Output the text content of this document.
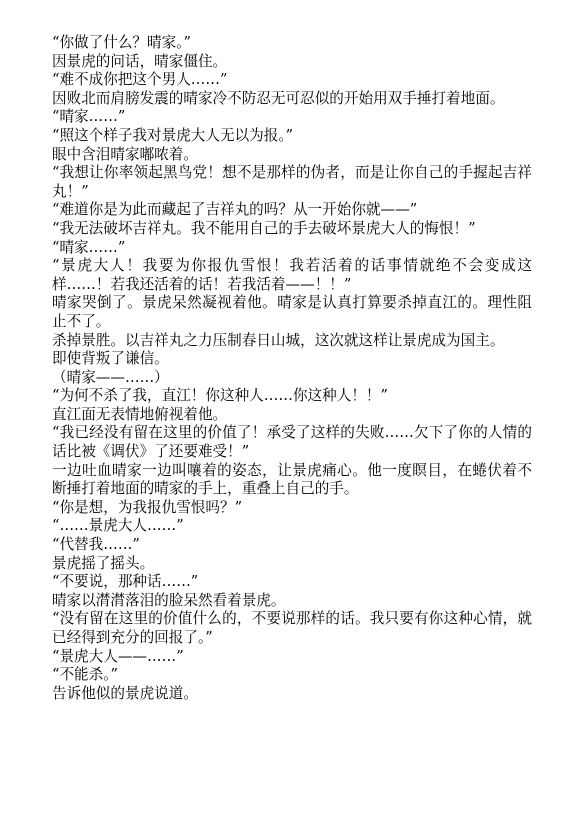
“你做了什么？晴家。”

因景虎的问话，晴家僵住。

“难不成你把这个男人……”

因败北而肩膀发震的晴家冷不防忍无可忍似的开始用双手捶打着地面。

“晴家……”

“照这个样子我对景虎大人无以为报。”

眼中含泪晴家嘟哝着。

“我想让你率领起黑鸟党！想不是那样的伪者，而是让你自己的手握起吉祥丸！”

“难道你是为此而藏起了吉祥丸的吗？从一开始你就——”

“我无法破坏吉祥丸。我不能用自己的手去破坏景虎大人的悔恨！”

“晴家……”

“景虎大人！我要为你报仇雪恨！我若活着的话事情就绝不会变成这样……！若我还活着的话！若我活着——！！”

晴家哭倒了。景虎呆然凝视着他。晴家是认真打算要杀掉直江的。理性阻止不了。

杀掉景胜。以吉祥丸之力压制春日山城，这次就这样让景虎成为国主。

即使背叛了谦信。

（晴家——……）

“为何不杀了我，直江！你这种人……你这种人！！”

直江面无表情地俯视着他。

“我已经没有留在这里的价值了！承受了这样的失败……欠下了你的人情的话比被《调伏》了还要难受！”

一边吐血晴家一边叫嚷着的姿态，让景虎痛心。他一度瞑目，在蜷伏着不断捶打着地面的晴家的手上，重叠上自己的手。

“你是想，为我报仇雪恨吗？”

“……景虎大人……”

“代替我……”

景虎摇了摇头。

“不要说，那种话……”

晴家以潸潸落泪的脸呆然看着景虎。

“没有留在这里的价值什么的，不要说那样的话。我只要有你这种心情，就已经得到充分的回报了。”

“景虎大人——……”

“不能杀。”

告诉他似的景虎说道。
